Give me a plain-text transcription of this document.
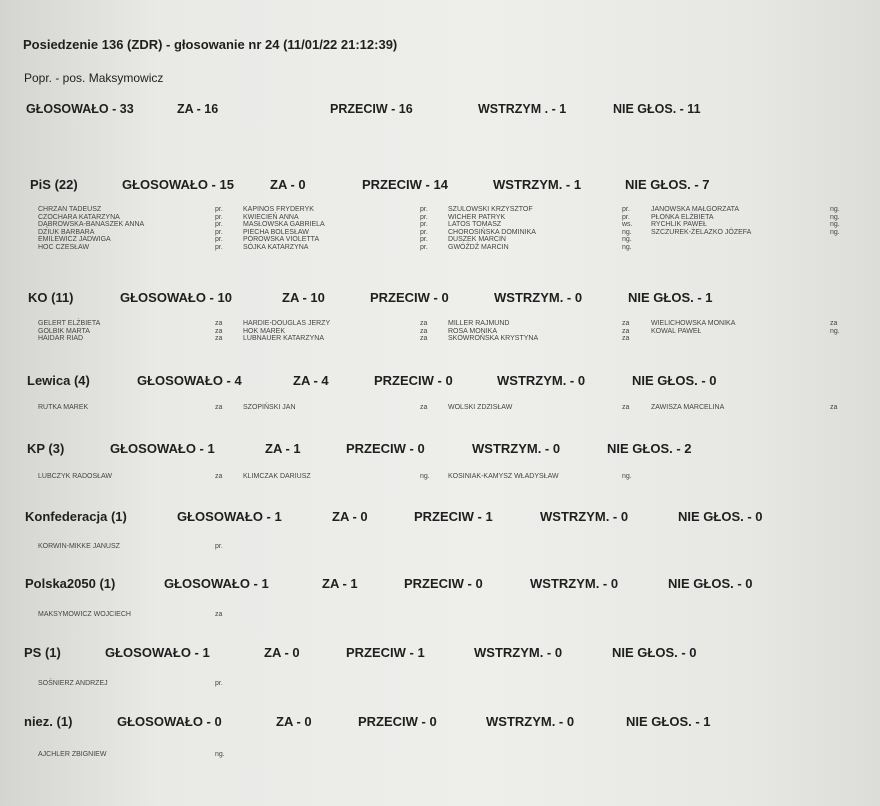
Posiedzenie 136 (ZDR) - głosowanie nr 24 (11/01/22 21:12:39)
Popr. - pos. Maksymowicz
GŁOSOWAŁO - 33	ZA - 16	PRZECIW - 16	WSTRZYM . - 1	NIE GŁOS. - 11
PiS (22)	GŁOSOWAŁO - 15	ZA - 0	PRZECIW - 14	WSTRZYM. - 1	NIE GŁOS. - 7
CHRZAN TADEUSZ	pr.	KAPINOS FRYDERYK	pr.	SZULOWSKI KRZYSZTOF	pr.	JANOWSKA MAŁGORZATA	ng.
CZOCHARA KATARZYNA	pr.	KWIECIEŃ ANNA	pr.	WICHER PATRYK	pr.	PŁONKA ELŻBIETA	ng.
DĄBROWSKA-BANASZEK ANNA	pr.	MASŁOWSKA GABRIELA	pr.	LATOS TOMASZ	ws.	RYCHLIK PAWEŁ	ng.
DZIUK BARBARA	pr.	PIECHA BOLESŁAW	pr.	CHOROSIŃSKA DOMINIKA	ng.	SZCZUREK-ŻELAZKO JÓZEFA	ng.
EMILEWICZ JADWIGA	pr.	POROWSKA VIOLETTA	pr.	DUSZEK MARCIN	ng.
HOC CZESŁAW	pr.	SÓJKA KATARZYNA	pr.	GWÓŹDŹ MARCIN	ng.
KO (11)	GŁOSOWAŁO - 10	ZA - 10	PRZECIW - 0	WSTRZYM. - 0	NIE GŁOS. - 1
GELERT ELŻBIETA	za	HARDIE-DOUGLAS JERZY	za	MILLER RAJMUND	za	WIELICHOWSKA MONIKA	za
GOLBIK MARTA	za	HOK MAREK	za	ROSA MONIKA	za	KOWAL PAWEŁ	ng.
HAIDAR RIAD	za	LUBNAUER KATARZYNA	za	SKOWROŃSKA KRYSTYNA	za
Lewica (4)	GŁOSOWAŁO - 4	ZA - 4	PRZECIW - 0	WSTRZYM. - 0	NIE GŁOS. - 0
RUTKA MAREK	za	SZOPIŃSKI JAN	za	WOLSKI ZDZISŁAW	za	ZAWISZA MARCELINA	za
KP (3)	GŁOSOWAŁO - 1	ZA - 1	PRZECIW - 0	WSTRZYM. - 0	NIE GŁOS. - 2
LUBCZYK RADOSŁAW	za	KLIMCZAK DARIUSZ	ng.	KOSINIAK-KAMYSZ WŁADYSŁAW	ng.
Konfederacja (1)	GŁOSOWAŁO - 1	ZA - 0	PRZECIW - 1	WSTRZYM. - 0	NIE GŁOS. - 0
KORWIN-MIKKE JANUSZ	pr.
Polska2050 (1)	GŁOSOWAŁO - 1	ZA - 1	PRZECIW - 0	WSTRZYM. - 0	NIE GŁOS. - 0
MAKSYMOWICZ WOJCIECH	za
PS (1)	GŁOSOWAŁO - 1	ZA - 0	PRZECIW - 1	WSTRZYM. - 0	NIE GŁOS. - 0
SOŚNIERZ ANDRZEJ	pr.
niez. (1)	GŁOSOWAŁO - 0	ZA - 0	PRZECIW - 0	WSTRZYM. - 0	NIE GŁOS. - 1
AJCHLER ZBIGNIEW	ng.
